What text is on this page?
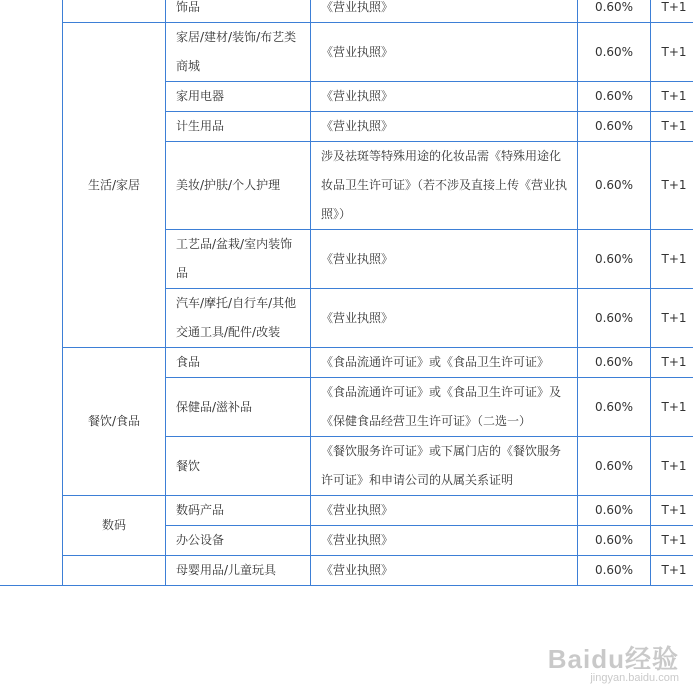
		饰品	《营业执照》	0.60%	T+1
	生活/家居	家居/建材/装饰/布艺类商城	《营业执照》	0.60%	T+1
		家用电器	《营业执照》	0.60%	T+1
		计生用品	《营业执照》	0.60%	T+1
		美妆/护肤/个人护理	涉及祛斑等特殊用途的化妆品需《特殊用途化妆品卫生许可证》（若不涉及直接上传《营业执照》）	0.60%	T+1
		工艺品/盆栽/室内装饰品	《营业执照》	0.60%	T+1
		汽车/摩托/自行车/其他交通工具/配件/改装	《营业执照》	0.60%	T+1
	餐饮/食品	食品	《食品流通许可证》或《食品卫生许可证》	0.60%	T+1
		保健品/滋补品	《食品流通许可证》或《食品卫生许可证》及《保健食品经营卫生许可证》（二选一）	0.60%	T+1
		餐饮	《餐饮服务许可证》或下属门店的《餐饮服务许可证》和申请公司的从属关系证明	0.60%	T+1
	数码	数码产品	《营业执照》	0.60%	T+1
		办公设备	《营业执照》	0.60%	T+1
		母婴用品/儿童玩具	《营业执照》	0.60%	T+1
Baidu经验
jingyan.baidu.com
